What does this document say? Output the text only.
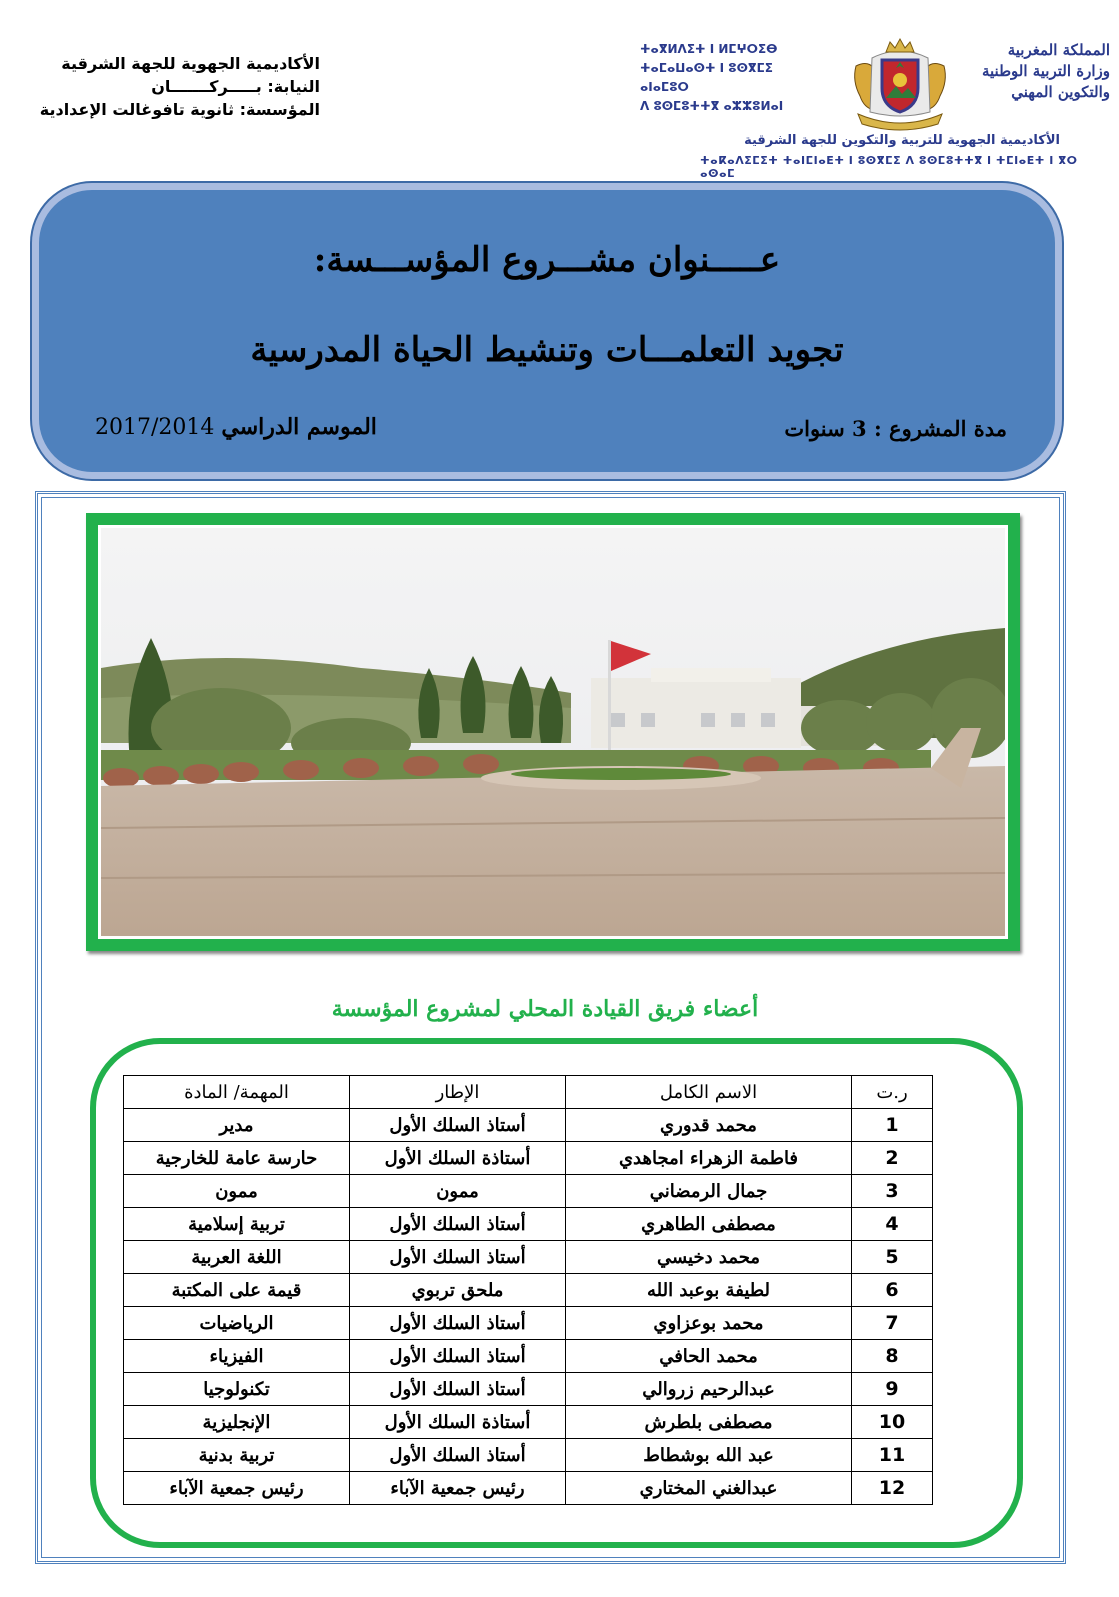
الأكاديمية الجهوية للجهة الشرقية
النيابة: بـــــركـــــــان
المؤسسة: ثانوية تافوغالت الإعدادية
المملكة المغربية
وزارة التربية الوطنية
والتكوين المهني
ⵜⴰⴳⵍⴷⵉⵜ ⵏ ⵍⵎⵖⵔⵉⴱ
ⵜⴰⵎⴰⵡⴰⵙⵜ ⵏ ⵓⵙⴳⵎⵉ ⴰⵏⴰⵎⵓⵔ
ⴷ ⵓⵙⵎⵓⵜⵜⴳ ⴰⵣⵣⵓⵍⴰⵏ
الأكاديمية الجهوية للتربية والتكوين للجهة الشرقية
ⵜⴰⴽⴰⴷⵉⵎⵉⵜ ⵜⴰⵏⵎⵏⴰⴹⵜ ⵏ ⵓⵙⴳⵎⵉ ⴷ ⵓⵙⵎⵓⵜⵜⴳ ⵏ ⵜⵎⵏⴰⴹⵜ ⵏ ⴳⵔ ⴰⵙⴰⵎ
عـــــنوان مشـــروع المؤســـسة:
تجويد التعلمـــات وتنشيط الحياة المدرسية
مدة المشروع : 3 سنوات
الموسم الدراسي 2017/2014
أعضاء فريق القيادة المحلي لمشروع المؤسسة
ر.ت	الاسم الكامل	الإطار	المهمة/ المادة
1	محمد قدوري	أستاذ السلك الأول	مدير
2	فاطمة الزهراء امجاهدي	أستاذة السلك الأول	حارسة عامة للخارجية
3	جمال الرمضاني	ممون	ممون
4	مصطفى الطاهري	أستاذ السلك الأول	تربية إسلامية
5	محمد دخيسي	أستاذ السلك الأول	اللغة العربية
6	لطيفة بوعبد الله	ملحق تربوي	قيمة على المكتبة
7	محمد بوعزاوي	أستاذ السلك الأول	الرياضيات
8	محمد الحافي	أستاذ السلك الأول	الفيزياء
9	عبدالرحيم زروالي	أستاذ السلك الأول	تكنولوجيا
10	مصطفى بلطرش	أستاذة السلك الأول	الإنجليزية
11	عبد الله بوشطاط	أستاذ السلك الأول	تربية بدنية
12	عبدالغني المختاري	رئيس جمعية الآباء	رئيس جمعية الآباء
